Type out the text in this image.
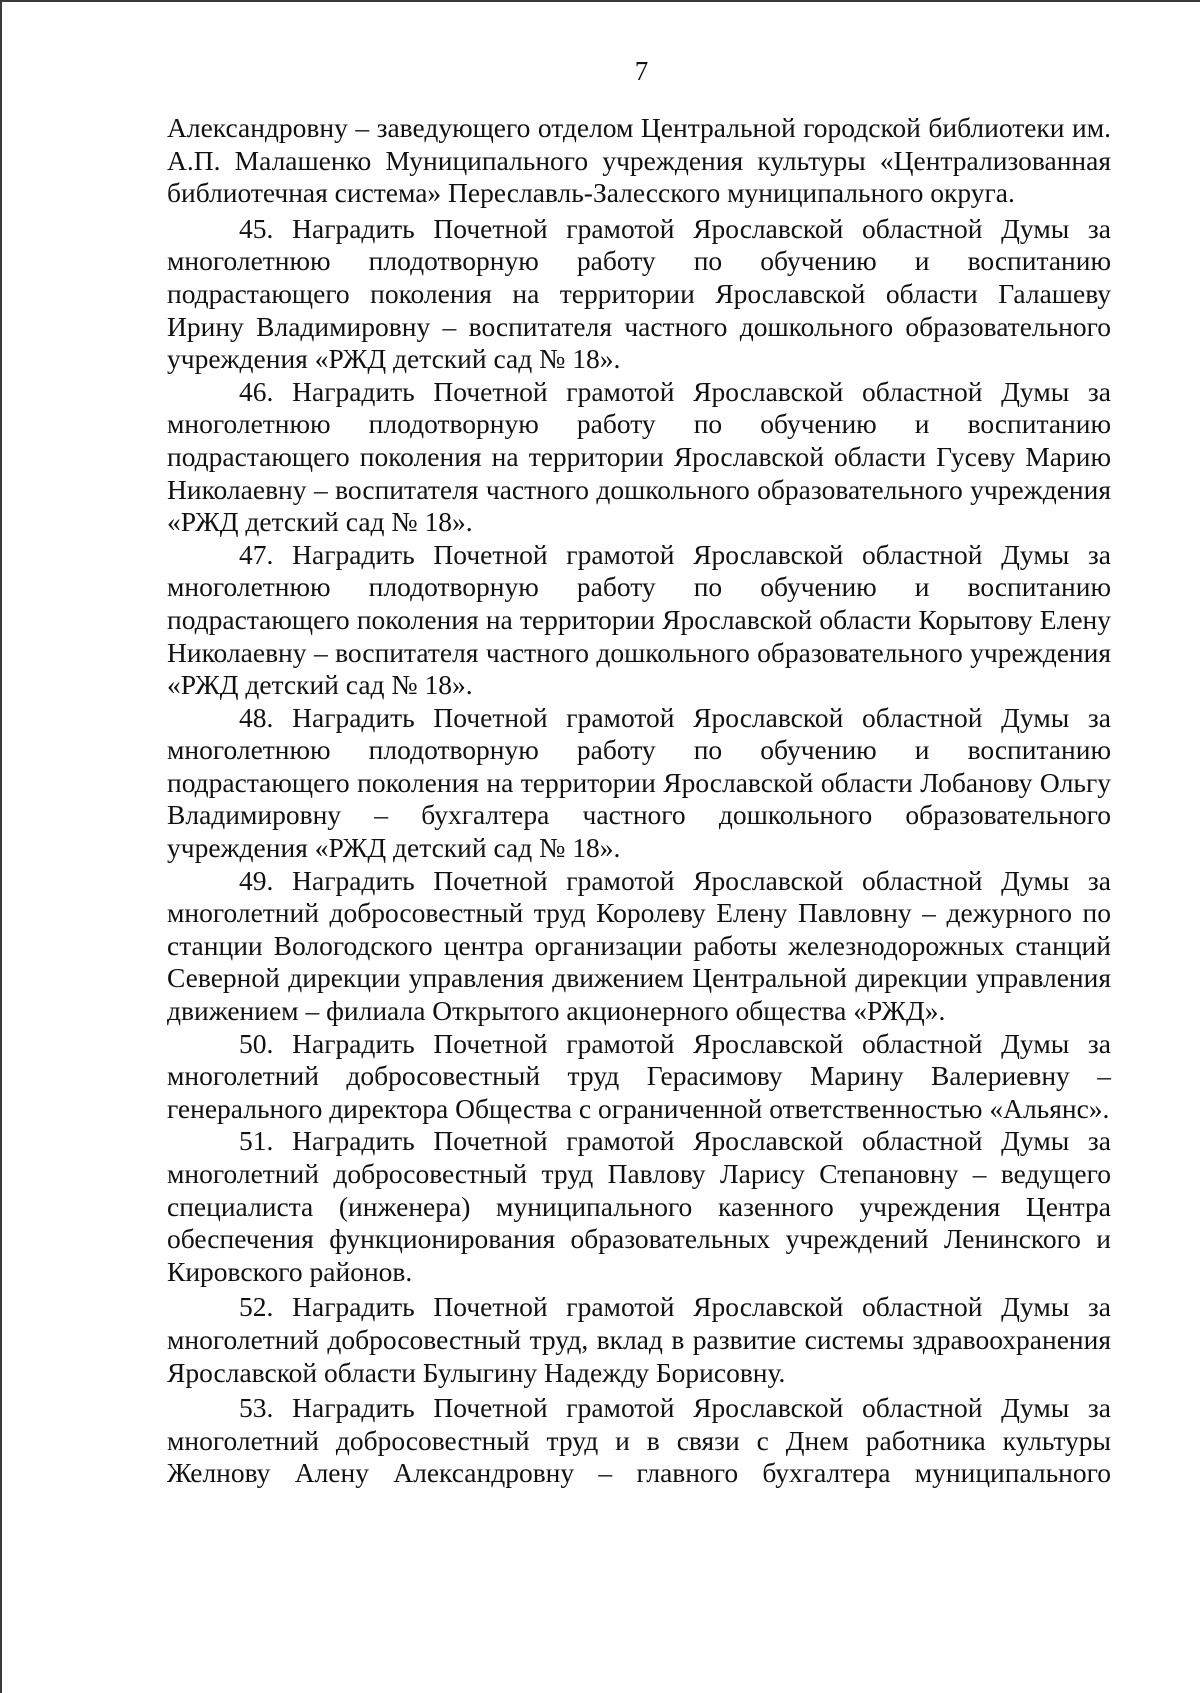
7

Александровну – заведующего отделом Центральной городской библиотеки им. А.П. Малашенко Муниципального учреждения культуры «Централизованная библиотечная система» Переславль-Залесского муниципального округа.

45. Наградить Почетной грамотой Ярославской областной Думы за многолетнюю плодотворную работу по обучению и воспитанию подрастающего поколения на территории Ярославской области Галашеву Ирину Владимировну – воспитателя частного дошкольного образовательного учреждения «РЖД детский сад № 18».

46. Наградить Почетной грамотой Ярославской областной Думы за многолетнюю плодотворную работу по обучению и воспитанию подрастающего поколения на территории Ярославской области Гусеву Марию Николаевну – воспитателя частного дошкольного образовательного учреждения «РЖД детский сад № 18».

47. Наградить Почетной грамотой Ярославской областной Думы за многолетнюю плодотворную работу по обучению и воспитанию подрастающего поколения на территории Ярославской области Корытову Елену Николаевну – воспитателя частного дошкольного образовательного учреждения «РЖД детский сад № 18».

48. Наградить Почетной грамотой Ярославской областной Думы за многолетнюю плодотворную работу по обучению и воспитанию подрастающего поколения на территории Ярославской области Лобанову Ольгу Владимировну – бухгалтера частного дошкольного образовательного учреждения «РЖД детский сад № 18».

49. Наградить Почетной грамотой Ярославской областной Думы за многолетний добросовестный труд Королеву Елену Павловну – дежурного по станции Вологодского центра организации работы железнодорожных станций Северной дирекции управления движением Центральной дирекции управления движением – филиала Открытого акционерного общества «РЖД».

50. Наградить Почетной грамотой Ярославской областной Думы за многолетний добросовестный труд Герасимову Марину Валериевну – генерального директора Общества с ограниченной ответственностью «Альянс».

51. Наградить Почетной грамотой Ярославской областной Думы за многолетний добросовестный труд Павлову Ларису Степановну – ведущего специалиста (инженера) муниципального казенного учреждения Центра обеспечения функционирования образовательных учреждений Ленинского и Кировского районов.

52. Наградить Почетной грамотой Ярославской областной Думы за многолетний добросовестный труд, вклад в развитие системы здравоохранения Ярославской области Булыгину Надежду Борисовну.

53. Наградить Почетной грамотой Ярославской областной Думы за многолетний добросовестный труд и в связи с Днем работника культуры Желнову Алену Александровну – главного бухгалтера муниципального
